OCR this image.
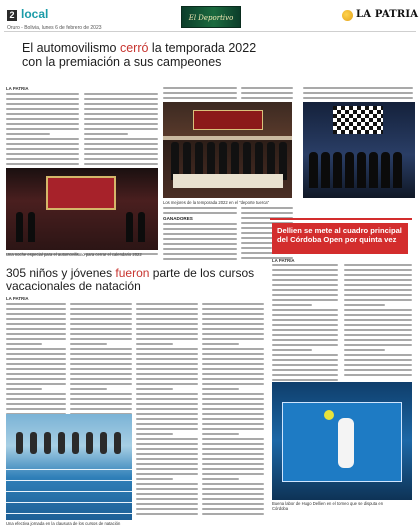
2 local
Oruro - Bolivia, lunes 6 de febrero de 2023
El Deportivo	LA PATRIA
El automovilismo cerró la temporada 2022 con la premiación a sus campeones
LA PATRIA
Los mejores de la temporada 2022 en el "deporte tuerca"
GANADORES
Una noche especial para el automovilismo para cerrar el calendario 2022
Dellien se mete al cuadro principal del Córdoba Open por quinta vez
LA PATRIA
Buena labor de Hugo Dellien en el torneo que se disputa en
Córdoba
305 niños y jóvenes fueron parte de los cursos vacacionales de natación
LA PATRIA
Una efectiva jornada en la clausura de los cursos de natación
